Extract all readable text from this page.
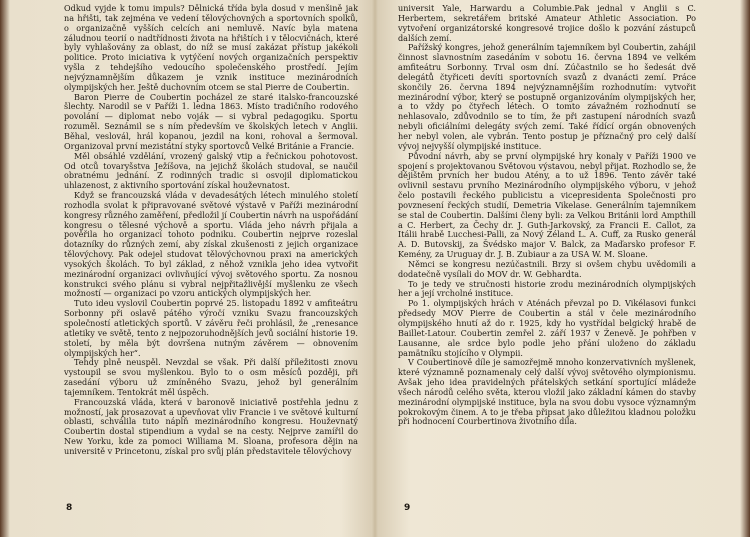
Odkud vyjde k tomu impuls? Dělnická třída byla dosud v menšině jak na hřišti, tak zejména ve vedení tělovýchovných a sportovních spolků, o organizačně vyšších celcích ani nemluvě. Navíc byla matena záludnou teorií o nadtřídnosti života na hřištích i v tělocvičnách, které byly vyhlašovány za oblast, do níž se musí zakázat přístup jakékoli politice. Proto iniciativa k vytýčení nových organizačních perspektiv vyšla z tehdejšího vedoucího společenského prostředí. Jejím nejvýznamnějším důkazem je vznik instituce mezinárodních olympijských her. Ještě duchovním otcem se stal Pierre de Coubertin.

Baron Pierre de Coubertin pocházel ze staré italsko-francouzské šlechty. Narodil se v Paříži 1. ledna 1863. Místo tradičního rodového povolání — diplomat nebo voják — si vybral pedagogiku. Sportu rozuměl. Seznámil se s ním především ve školských letech v Anglii. Běhal, veslovál, hrál kopanou, jezdil na koni, rohoval a šermoval. Organizoval první mezistátní styky sportovců Velké Británie a Francie.

Měl obsáhlé vzdělání, vrozený galský vtip a řečnickou pohotovost. Od otců tovaryšstva Ježíšova, na jejichž školách studoval, se naučil obratnému jednání. Z rodinných tradic si osvojil diplomatickou uhlazenost, z aktivního sportování získal houževnatost.

Když se francouzská vláda v devadesátých létech minulého století rozhodla svolat k připravované světové výstavě v Paříži mezinárodní kongresy různého zaměření, předložil jí Coubertin návrh na uspořádání kongresu o tělesné výchově a sportu. Vláda jeho návrh přijala a pověřila ho organizací tohoto podniku. Coubertin nejprve rozeslal dotazníky do různých zemí, aby získal zkušenosti z jejich organizace tělovýchovy. Pak odejel studovat tělovýchovnou praxi na amerických vysokých školách. To byl základ, z něhož vznikla jeho idea vytvořit mezinárodní organizaci ovlivňující vývoj světového sportu. Za nosnou konstrukci svého plánu si vybral nejpřitažlivější myšlenku ze všech možností — organizaci po vzoru antických olympijských her.

Tuto ideu vyslovil Coubertin poprvé 25. listopadu 1892 v amfiteátru Sorbonny při oslavě pátého výročí vzniku Svazu francouzských společností atletických sportů. V závěru řeči prohlásil, že „renesance atletiky ve světě, tento z nejpozoruhodnějších jevů sociální historie 19. století, by měla být dovršena nutným závěrem — obnovením olympijských her“.

Tehdy plně neuspěl. Nevzdal se však. Při další příležitosti znovu vystoupil se svou myšlenkou. Bylo to o osm měsíců později, při zasedání výboru už zmíněného Svazu, jehož byl generálním tajemníkem. Tentokrát měl úspěch.

Francouzská vláda, která v baronově iniciativě postřehla jednu z možností, jak prosazovat a upevňovat vliv Francie i ve světové kulturní oblasti, schválila tuto náplň mezinárodního kongresu. Houževnatý Coubertin dostal stipendium a vydal se na cesty. Nejprve zamířil do New Yorku, kde za pomoci Williama M. Sloana, profesora dějin na universitě v Princetonu, získal pro svůj plán představitele tělovýchovy

8

universit Yale, Harwardu a Columbie.Pak jednal v Anglii s C. Herbertem, sekretářem britské Amateur Athletic Association. Po vytvoření organizátorské kongresové trojice došlo k pozvání zástupců dalších zemí.

Pařížský kongres, jehož generálním tajemníkem byl Coubertin, zahájil činnost slavnostním zasedáním v sobotu 16. června 1894 ve velkém amfiteátru Sorbonny. Trval osm dní. Zúčastnilo se ho šedesát dvě delegátů čtyřiceti devíti sportovních svazů z dvanácti zemí. Práce skončily 26. června 1894 nejvýznamnějším rozhodnutím: vytvořit mezinárodní výbor, který se postupně organizováním olympijských her, a to vždy po čtyřech létech. O tomto závažném rozhodnutí se nehlasovalo, zdůvodnilo se to tím, že při zastupení národních svazů nebyli oficiálními delegáty svých zemí. Také řídící orgán obnovených her nebyl volen, ale vybrán. Tento postup je příznačný pro celý další vývoj nejvyšší olympijské instituce.

Původní návrh, aby se první olympijské hry konaly v Paříži 1900 ve spojení s projektovanou Světovou výstavou, nebyl přijat. Rozhodlo se, že dějištěm prvních her budou Atény, a to už 1896. Tento závěr také ovlivnil sestavu prvního Mezinárodního olympijského výboru, v jehož čelo postavili řeckého publicistu a vicepresidenta Společnosti pro povznesení řeckých studií, Demetria Vikelase. Generálním tajemníkem se stal de Coubertin. Dalšími členy byli: za Velkou Británii lord Ampthill a C. Herbert, za Čechy dr. J. Guth-Jarkovský, za Francii E. Callot, za Itálii hrabě Lucchesi-Palli, za Nový Zéland L. A. Cuff, za Rusko generál A. D. Butovskij, za Švédsko major V. Balck, za Maďarsko profesor F. Kemény, za Uruguay dr. J. B. Zubiaur a za USA W. M. Sloane.

Němci se kongresu nezúčastnili. Brzy si ovšem chybu uvědomili a dodatečně vysílali do MOV dr. W. Gebhardta.

To je tedy ve stručnosti historie zrodu mezinárodních olympijských her a její vrcholné instituce.

Po 1. olympijských hrách v Aténách převzal po D. Vikélasovi funkci předsedy MOV Pierre de Coubertin a stál v čele mezinárodního olympijského hnutí až do r. 1925, kdy ho vystřídal belgický hrabě de Baillet-Latour. Coubertin zemřel 2. září 1937 v Ženevě. Je pohřben v Lausanne, ale srdce bylo podle jeho přání uloženo do základu pamätníku stojícího v Olympii.

V Coubertinově díle je samozřejmě mnoho konzervativních myšlenek, které významně poznamenaly celý další vývoj světového olympionismu. Avšak jeho idea pravidelných přátelských setkání sportující mládeže všech národů celého světa, kterou vložil jako základní kámen do stavby mezinárodní olympijské instituce, byla na svou dobu vysoce významným pokrokovým činem. A to je třeba připsat jako důležitou kladnou položku při hodnocení Courbertinova životního díla.

9
